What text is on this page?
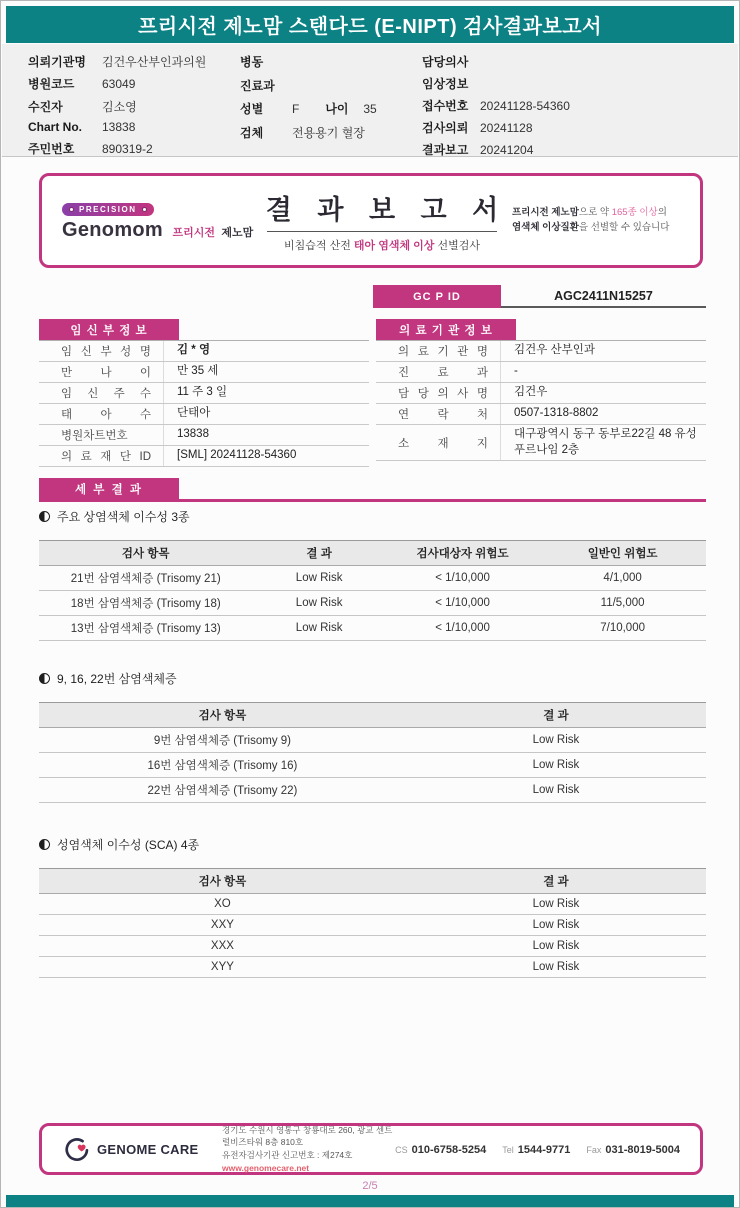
프리시전 제노맘 스탠다드 (E-NIPT) 검사결과보고서
의뢰기관명	김건우산부인과의원
병원코드	63049
수진자	김소영
Chart No.	13838
주민번호	890319-2
병동
진료과
성별	F 나이	35
검체	전용용기 혈장
담당의사
임상정보
접수번호 20241128-54360
검사의뢰 20241128
결과보고 20241204
PRECISION
Genomom 프리시전 제노맘
결 과 보 고 서
비침습적 산전 태아 염색체 이상 선별검사
프리시전 제노맘으로 약 165종 이상의
염색체 이상질환을 선별할 수 있습니다
GC P ID	AGC2411N15257
임 신 부 정 보
임 신 부 성 명	김 * 영
만 나 이	만 35 세
임 신 주 수	11 주 3 일
태 아 수	단태아
병원차트번호	13838
의 료 재 단 ID	[SML] 20241128-54360
의 료 기 관 정 보
의 료 기 관 명	김건우 산부인과
진 료 과	-
담 당 의 사 명	김건우
연 락 처	0507-1318-8802
소 재 지
대구광역시 동구 동부로22길 48 유성 푸르나임 2층
세 부 결 과
주요 상염색체 이수성 3종
검사 항목	결 과	검사대상자 위험도	일반인 위험도
21번 삼염색체증 (Trisomy 21)	Low Risk	< 1/10,000	4/1,000
18번 삼염색체증 (Trisomy 18)	Low Risk	< 1/10,000	11/5,000
13번 삼염색체증 (Trisomy 13)	Low Risk	< 1/10,000	7/10,000
9, 16, 22번 삼염색체증
검사 항목	결 과
9번 삼염색체증 (Trisomy 9)	Low Risk
16번 삼염색체증 (Trisomy 16)	Low Risk
22번 삼염색체증 (Trisomy 22)	Low Risk
성염색체 이수성 (SCA) 4종
검사 항목	결 과
XO	Low Risk
XXY	Low Risk
XXX	Low Risk
XYY	Low Risk
GENOME CARE
경기도 수원시 영통구 창룡대로 260, 광교 센트럴비즈타워 8층 810호
유전자검사기관 신고번호 : 제274호
www.genomecare.net
CS 010-6758-5254 Tel 1544-9771 Fax 031-8019-5004
2/5
